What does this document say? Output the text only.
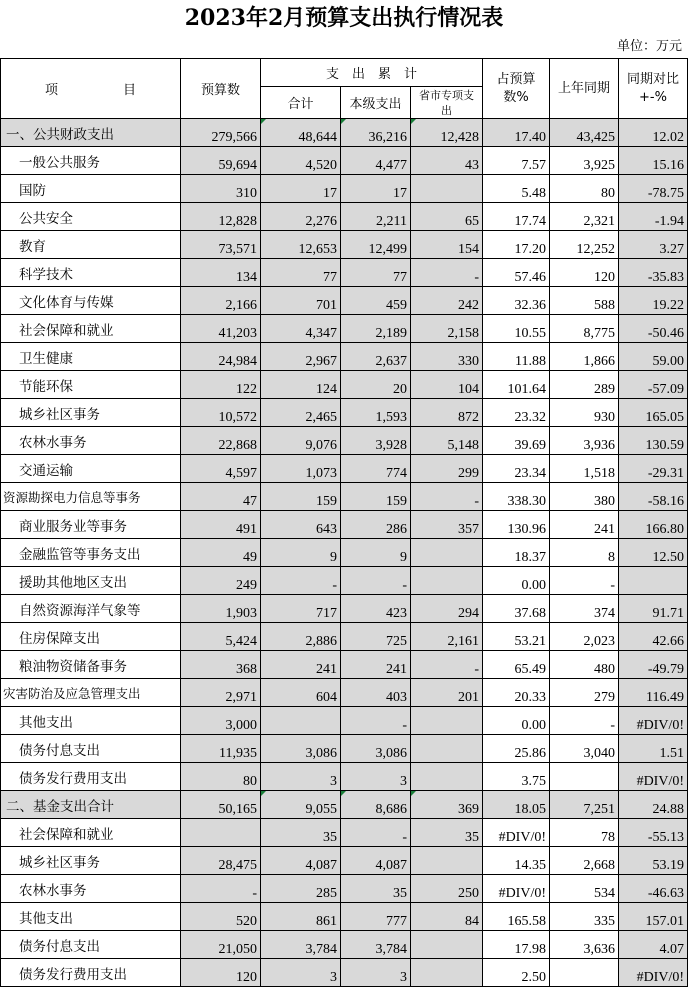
2023年2月预算支出执行情况表
单位：万元
项　　　　　目	预算数	支　出　累　计			占预算数%	上年同期	同期对比+-%
		合计	本级支出	省市专项支出			
一、公共财政支出	279,566	48,644	36,216	12,428	17.40	43,425	12.02
一般公共服务	59,694	4,520	4,477	43	7.57	3,925	15.16
国防	310	17	17		5.48	80	-78.75
公共安全	12,828	2,276	2,211	65	17.74	2,321	-1.94
教育	73,571	12,653	12,499	154	17.20	12,252	3.27
科学技术	134	77	77	-	57.46	120	-35.83
文化体育与传媒	2,166	701	459	242	32.36	588	19.22
社会保障和就业	41,203	4,347	2,189	2,158	10.55	8,775	-50.46
卫生健康	24,984	2,967	2,637	330	11.88	1,866	59.00
节能环保	122	124	20	104	101.64	289	-57.09
城乡社区事务	10,572	2,465	1,593	872	23.32	930	165.05
农林水事务	22,868	9,076	3,928	5,148	39.69	3,936	130.59
交通运输	4,597	1,073	774	299	23.34	1,518	-29.31
资源勘探电力信息等事务	47	159	159	-	338.30	380	-58.16
商业服务业等事务	491	643	286	357	130.96	241	166.80
金融监管等事务支出	49	9	9		18.37	8	12.50
援助其他地区支出	249	-	-		0.00	-	
自然资源海洋气象等	1,903	717	423	294	37.68	374	91.71
住房保障支出	5,424	2,886	725	2,161	53.21	2,023	42.66
粮油物资储备事务	368	241	241	-	65.49	480	-49.79
灾害防治及应急管理支出	2,971	604	403	201	20.33	279	116.49
其他支出	3,000		-		0.00	-	#DIV/0!
债务付息支出	11,935	3,086	3,086		25.86	3,040	1.51
债务发行费用支出	80	3	3		3.75		#DIV/0!
二、基金支出合计	50,165	9,055	8,686	369	18.05	7,251	24.88
社会保障和就业		35	-	35	#DIV/0!	78	-55.13
城乡社区事务	28,475	4,087	4,087		14.35	2,668	53.19
农林水事务	-	285	35	250	#DIV/0!	534	-46.63
其他支出	520	861	777	84	165.58	335	157.01
债务付息支出	21,050	3,784	3,784		17.98	3,636	4.07
债务发行费用支出	120	3	3		2.50		#DIV/0!
